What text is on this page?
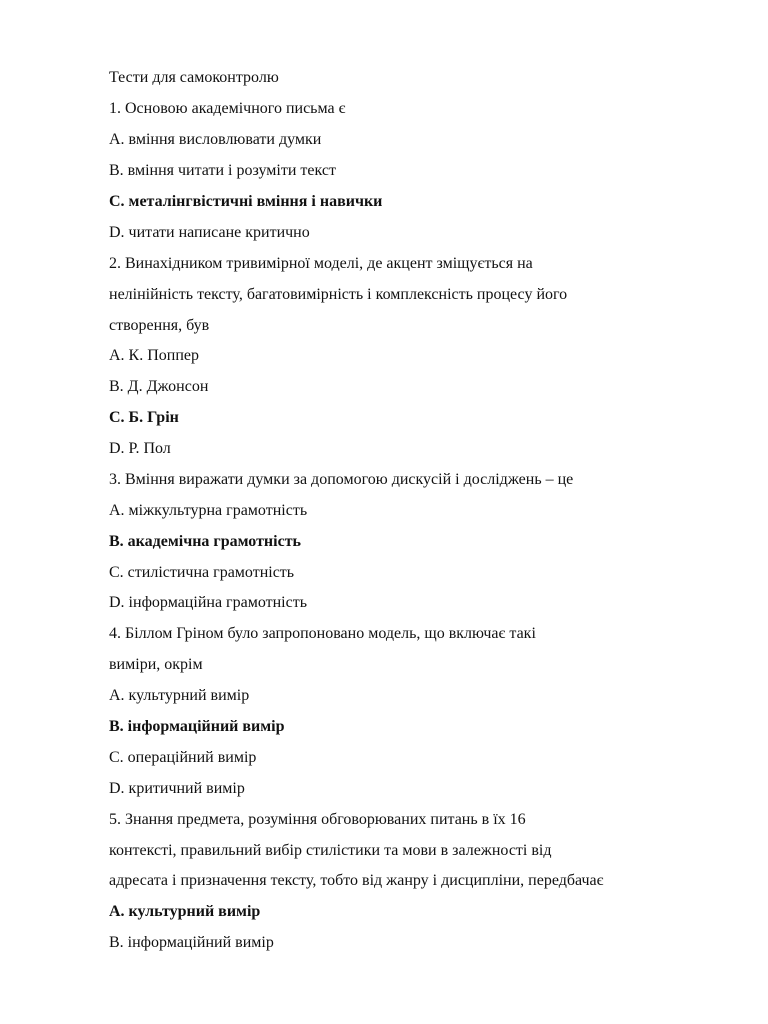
Тести для самоконтролю
1. Основою академічного письма є
A. вміння висловлювати думки
B. вміння читати і розуміти текст
C. металінгвістичні вміння і навички
D. читати написане критично
2. Винахідником тривимірної моделі, де акцент зміщується на
нелінійність тексту, багатовимірність і комплексність процесу його
створення, був
A. К. Поппер
B. Д. Джонсон
C. Б. Грін
D. Р. Пол
3. Вміння виражати думки за допомогою дискусій і досліджень – це
A. міжкультурна грамотність
B. академічна грамотність
C. стилістична грамотність
D. інформаційна грамотність
4. Біллом Гріном було запропоновано модель, що включає такі
виміри, окрім
A. культурний вимір
B. інформаційний вимір
C. операційний вимір
D. критичний вимір
5. Знання предмета, розуміння обговорюваних питань в їх 16
контексті, правильний вибір стилістики та мови в залежності від
адресата і призначення тексту, тобто від жанру і дисципліни, передбачає
A. культурний вимір
B. інформаційний вимір
